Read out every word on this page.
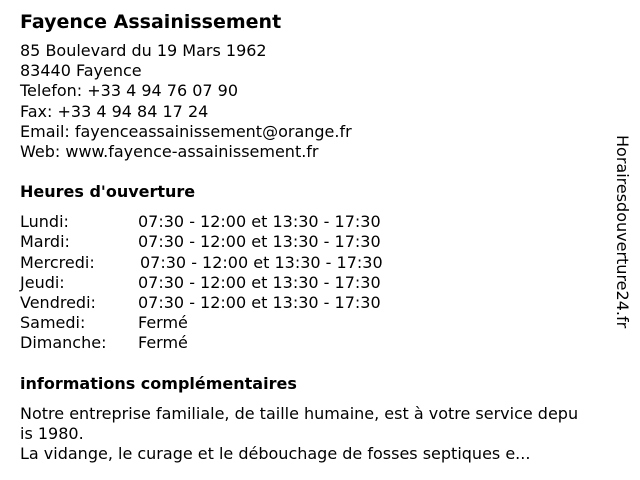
Fayence Assainissement
85 Boulevard du 19 Mars 1962
83440 Fayence
Telefon: +33 4 94 76 07 90
Fax: +33 4 94 84 17 24
Email: fayenceassainissement@orange.fr
Web: www.fayence-assainissement.fr
Heures d'ouverture
Lundi:	07:30 - 12:00 et 13:30 - 17:30
Mardi:	07:30 - 12:00 et 13:30 - 17:30
Mercredi:	07:30 - 12:00 et 13:30 - 17:30
Jeudi:	07:30 - 12:00 et 13:30 - 17:30
Vendredi:	07:30 - 12:00 et 13:30 - 17:30
Samedi:	Fermé
Dimanche: Fermé
informations complémentaires
Notre entreprise familiale, de taille humaine, est à votre service depuis 1980.
La vidange, le curage et le débouchage de fosses septiques e...
Horairesdouverture24.fr
